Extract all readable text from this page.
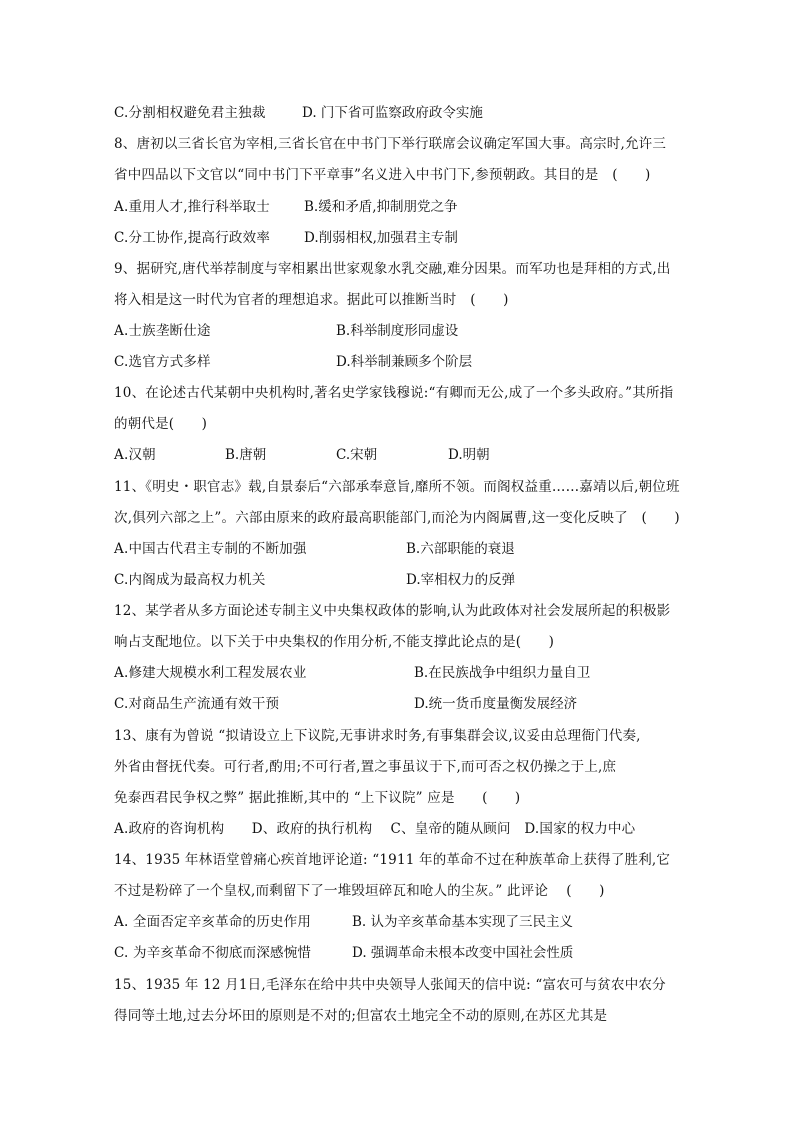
C.分割相权避免君主独裁	D. 门下省可监察政府政令实施
8、唐初以三省长官为宰相,三省长官在中书门下举行联席会议确定军国大事。高宗时,允许三
省中四品以下文官以“同中书门下平章事”名义进入中书门下,参预朝政。其目的是　(　　)
A.重用人才,推行科举取士	B.缓和矛盾,抑制朋党之争
C.分工协作,提高行政效率	D.削弱相权,加强君主专制
9、据研究,唐代举荐制度与宰相累出世家观象水乳交融,难分因果。而军功也是拜相的方式,出
将入相是这一时代为官者的理想追求。据此可以推断当时　(　　)
A.士族垄断仕途	B.科举制度形同虚设
C.选官方式多样	D.科举制兼顾多个阶层
10、在论述古代某朝中央机构时,著名史学家钱穆说:“有卿而无公,成了一个多头政府。”其所指
的朝代是(　　)
A.汉朝	B.唐朝	C.宋朝	D.明朝
11、《明史・职官志》载,自景泰后“六部承奉意旨,靡所不领。而阁权益重……嘉靖以后,朝位班
次,俱列六部之上”。六部由原来的政府最高职能部门,而沦为内阁属曹,这一变化反映了　(　　)
A.中国古代君主专制的不断加强	B.六部职能的衰退
C.内阁成为最高权力机关	D.宰相权力的反弹
12、某学者从多方面论述专制主义中央集权政体的影响,认为此政体对社会发展所起的积极影
响占支配地位。以下关于中央集权的作用分析,不能支撑此论点的是(　　)
A.修建大规模水利工程发展农业	B.在民族战争中组织力量自卫
C.对商品生产流通有效干预	D.统一货币度量衡发展经济
13、康有为曾说 “拟请设立上下议院,无事讲求时务,有事集群会议,议妥由总理衙门代奏,
外省由督抚代奏。可行者,酌用;不可行者,置之事虽议于下,而可否之权仍操之于上,庶
免泰西君民争权之弊” 据此推断,其中的 “上下议院” 应是　　(　　)
A.政府的咨询机构　　D、政府的执行机构　 C、皇帝的随从顾问　D.国家的权力中心
14、1935 年林语堂曾痛心疾首地评论道: “1911 年的革命不过在种族革命上获得了胜利,它
不过是粉碎了一个皇权,而剩留下了一堆毁垣碎瓦和呛人的尘灰。” 此评论　 (　　)
A. 全面否定辛亥革命的历史作用	B. 认为辛亥革命基本实现了三民主义
C. 为辛亥革命不彻底而深感惋惜	D. 强调革命未根本改变中国社会性质
15、1935 年 12 月1日,毛泽东在给中共中央领导人张闻天的信中说: “富农可与贫农中农分
得同等土地,过去分坏田的原则是不对的;但富农土地完全不动的原则,在苏区尤其是
